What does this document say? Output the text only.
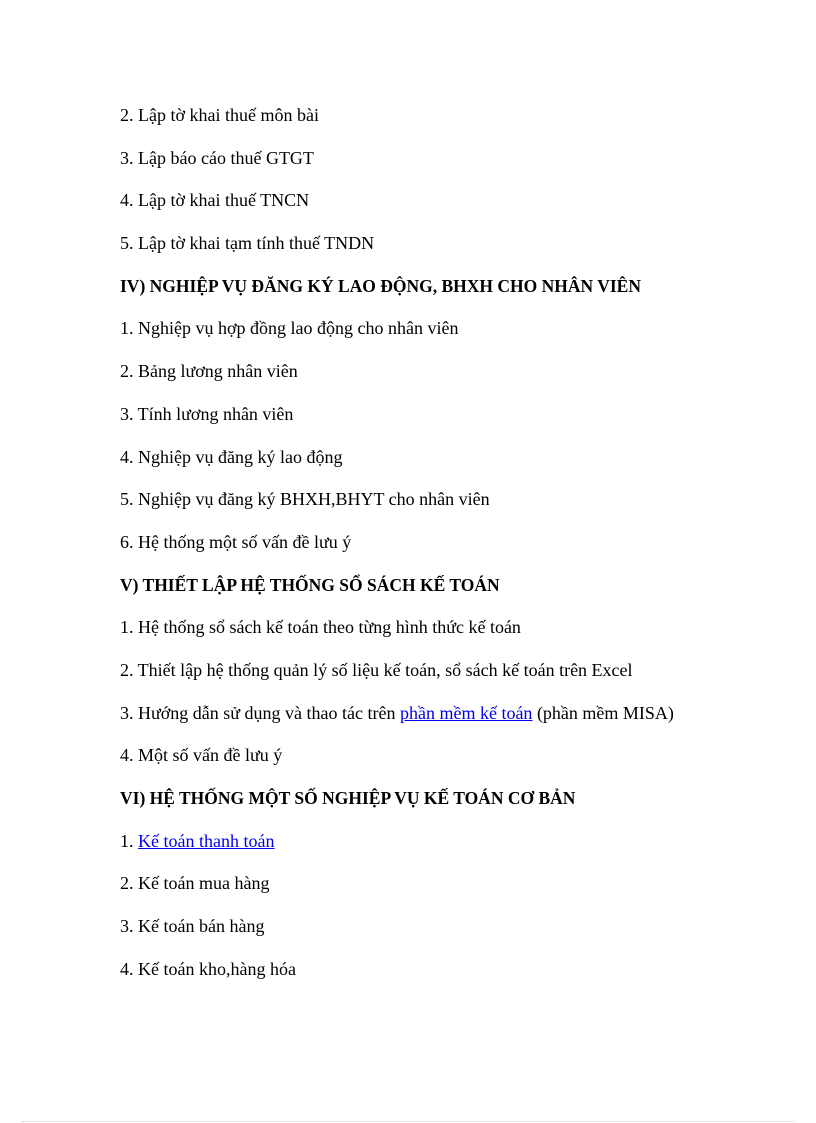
2. Lập tờ khai thuế môn bài
3. Lập báo cáo thuế GTGT
4. Lập tờ khai thuế TNCN
5. Lập tờ khai tạm tính thuế TNDN
IV) NGHIỆP VỤ ĐĂNG KÝ LAO ĐỘNG, BHXH CHO NHÂN VIÊN
1. Nghiệp vụ hợp đồng lao động cho nhân viên
2. Bảng lương nhân viên
3. Tính lương nhân viên
4. Nghiệp vụ đăng ký lao động
5. Nghiệp vụ đăng ký BHXH,BHYT cho nhân viên
6. Hệ thống một số vấn đề lưu ý
V) THIẾT LẬP HỆ THỐNG SỔ SÁCH KẾ TOÁN
1. Hệ thống sổ sách kế toán theo từng hình thức kế toán
2. Thiết lập hệ thống quản lý số liệu kế toán, sổ sách kế toán trên Excel
3. Hướng dẫn sử dụng và thao tác trên phần mềm kế toán (phần mềm MISA)
4. Một số vấn đề lưu ý
VI) HỆ THỐNG MỘT SỐ NGHIỆP VỤ KẾ TOÁN CƠ BẢN
1. Kế toán thanh toán
2. Kế toán mua hàng
3. Kế toán bán hàng
4. Kế toán kho,hàng hóa
